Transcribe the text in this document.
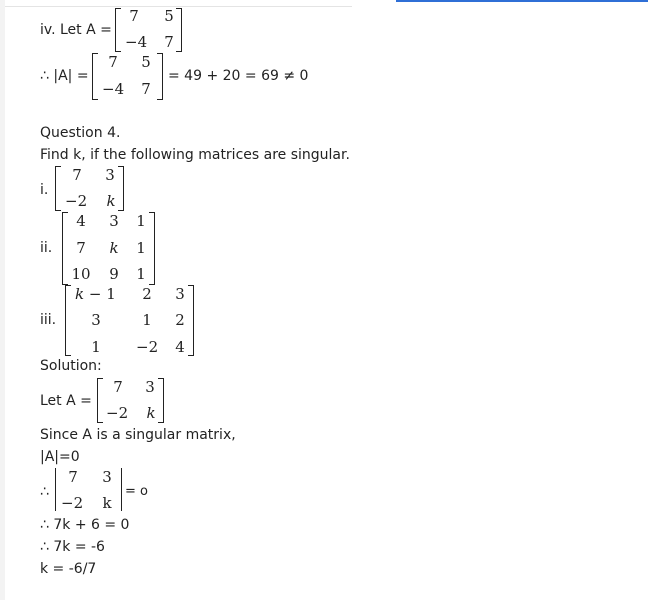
iv. Let A =
7	5
−4	7
∴ |A| =
7	5
−4	7
= 49 + 20 = 69 ≠ 0
Question 4.
Find k, if the following matrices are singular.
i.
7	3
−2	k
ii.
4	3	1
7	k	1
10	9	1
iii.
k − 1	2	3
3	1	2
1	−2	4
Solution:
Let A =
7	3
−2	k
Since A is a singular matrix,
|A|=0
∴
7	3
−2	k
= o
∴ 7k + 6 = 0
∴ 7k = -6
k = -6/7
